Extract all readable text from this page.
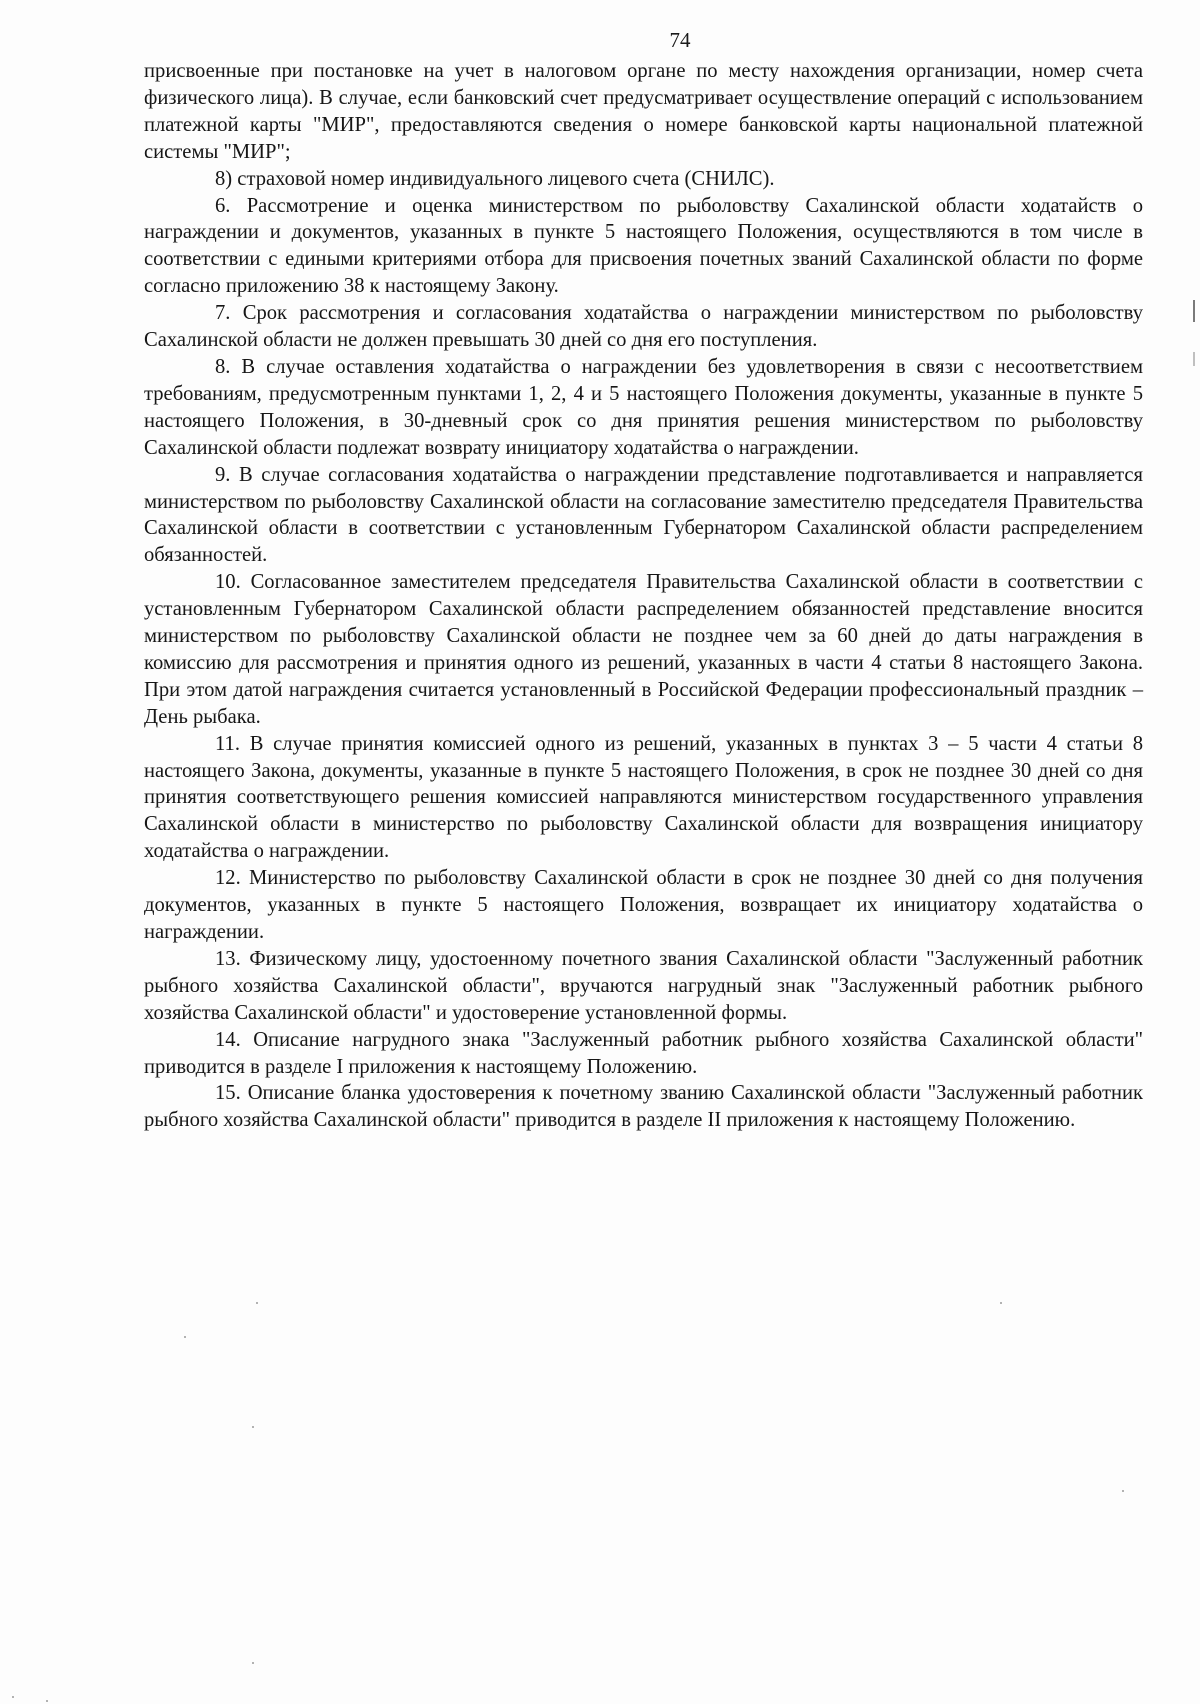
74

присвоенные при постановке на учет в налоговом органе по месту нахождения организации, номер счета физического лица). В случае, если банковский счет предусматривает осуществление операций с использованием платежной карты "МИР", предоставляются сведения о номере банковской карты национальной платежной системы "МИР";

8) страховой номер индивидуального лицевого счета (СНИЛС).

6. Рассмотрение и оценка министерством по рыболовству Сахалинской области ходатайств о награждении и документов, указанных в пункте 5 настоящего Положения, осуществляются в том числе в соответствии с едиными критериями отбора для присвоения почетных званий Сахалинской области по форме согласно приложению 38 к настоящему Закону.

7. Срок рассмотрения и согласования ходатайства о награждении министерством по рыболовству Сахалинской области не должен превышать 30 дней со дня его поступления.

8. В случае оставления ходатайства о награждении без удовлетворения в связи с несоответствием требованиям, предусмотренным пунктами 1, 2, 4 и 5 настоящего Положения документы, указанные в пункте 5 настоящего Положения, в 30-дневный срок со дня принятия решения министерством по рыболовству Сахалинской области подлежат возврату инициатору ходатайства о награждении.

9. В случае согласования ходатайства о награждении представление подготавливается и направляется министерством по рыболовству Сахалинской области на согласование заместителю председателя Правительства Сахалинской области в соответствии с установленным Губернатором Сахалинской области распределением обязанностей.

10. Согласованное заместителем председателя Правительства Сахалинской области в соответствии с установленным Губернатором Сахалинской области распределением обязанностей представление вносится министерством по рыболовству Сахалинской области не позднее чем за 60 дней до даты награждения в комиссию для рассмотрения и принятия одного из решений, указанных в части 4 статьи 8 настоящего Закона. При этом датой награждения считается установленный в Российской Федерации профессиональный праздник – День рыбака.

11. В случае принятия комиссией одного из решений, указанных в пунктах 3 – 5 части 4 статьи 8 настоящего Закона, документы, указанные в пункте 5 настоящего Положения, в срок не позднее 30 дней со дня принятия соответствующего решения комиссией направляются министерством государственного управления Сахалинской области в министерство по рыболовству Сахалинской области для возвращения инициатору ходатайства о награждении.

12. Министерство по рыболовству Сахалинской области в срок не позднее 30 дней со дня получения документов, указанных в пункте 5 настоящего Положения, возвращает их инициатору ходатайства о награждении.

13. Физическому лицу, удостоенному почетного звания Сахалинской области "Заслуженный работник рыбного хозяйства Сахалинской области", вручаются нагрудный знак "Заслуженный работник рыбного хозяйства Сахалинской области" и удостоверение установленной формы.

14. Описание нагрудного знака "Заслуженный работник рыбного хозяйства Сахалинской области" приводится в разделе I приложения к настоящему Положению.

15. Описание бланка удостоверения к почетному званию Сахалинской области "Заслуженный работник рыбного хозяйства Сахалинской области" приводится в разделе II приложения к настоящему Положению.
